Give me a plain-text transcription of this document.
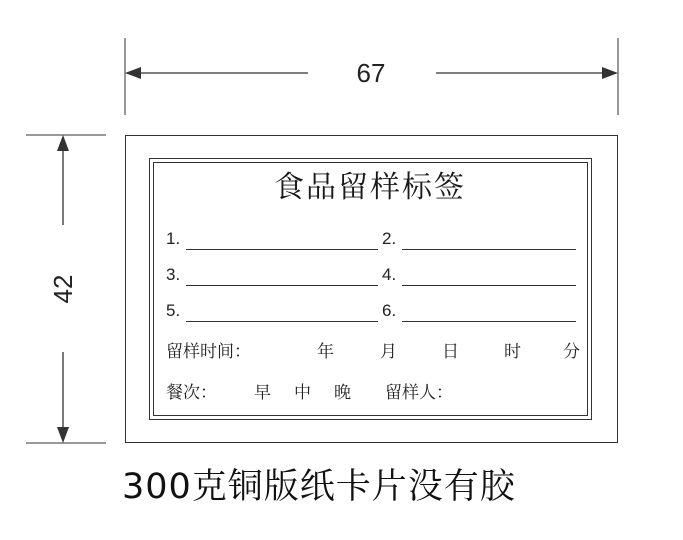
67
42
食品留样标签
1.	2.
3.	4.
5.	6.
留样时间：	年	月	日	时 分
餐次： 早 中 晚 留样人：
300克铜版纸卡片没有胶
